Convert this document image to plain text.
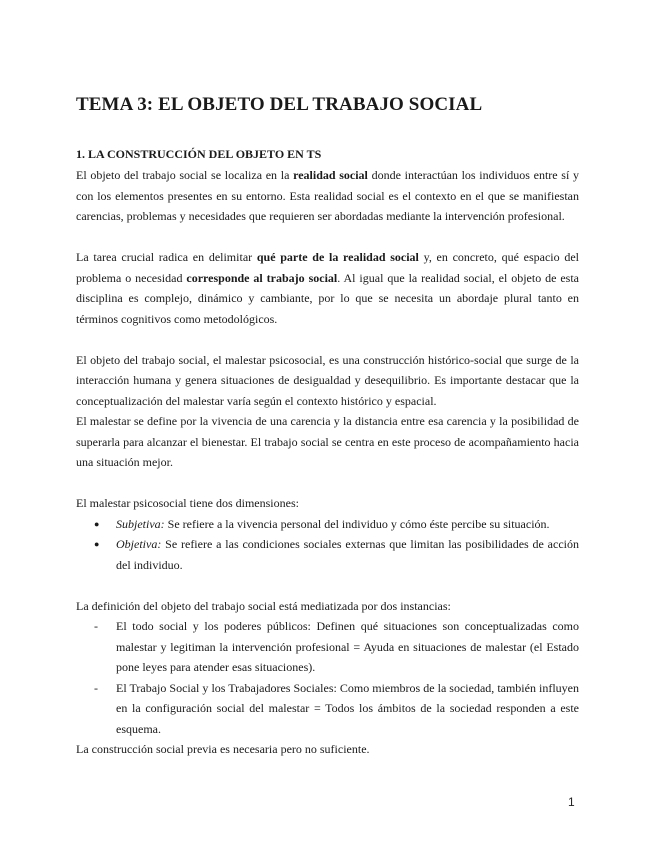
TEMA 3: EL OBJETO DEL TRABAJO SOCIAL
1. LA CONSTRUCCIÓN DEL OBJETO EN TS

El objeto del trabajo social se localiza en la realidad social donde interactúan los individuos entre sí y con los elementos presentes en su entorno. Esta realidad social es el contexto en el que se manifiestan carencias, problemas y necesidades que requieren ser abordadas mediante la intervención profesional.

La tarea crucial radica en delimitar qué parte de la realidad social y, en concreto, qué espacio del problema o necesidad corresponde al trabajo social. Al igual que la realidad social, el objeto de esta disciplina es complejo, dinámico y cambiante, por lo que se necesita un abordaje plural tanto en términos cognitivos como metodológicos.

El objeto del trabajo social, el malestar psicosocial, es una construcción histórico-social que surge de la interacción humana y genera situaciones de desigualdad y desequilibrio. Es importante destacar que la conceptualización del malestar varía según el contexto histórico y espacial.

El malestar se define por la vivencia de una carencia y la distancia entre esa carencia y la posibilidad de superarla para alcanzar el bienestar. El trabajo social se centra en este proceso de acompañamiento hacia una situación mejor.

El malestar psicosocial tiene dos dimensiones:

● Subjetiva: Se refiere a la vivencia personal del individuo y cómo éste percibe su situación.
● Objetiva: Se refiere a las condiciones sociales externas que limitan las posibilidades de acción del individuo.

La definición del objeto del trabajo social está mediatizada por dos instancias:

- El todo social y los poderes públicos: Definen qué situaciones son conceptualizadas como malestar y legitiman la intervención profesional = Ayuda en situaciones de malestar (el Estado pone leyes para atender esas situaciones).
- El Trabajo Social y los Trabajadores Sociales: Como miembros de la sociedad, también influyen en la configuración social del malestar = Todos los ámbitos de la sociedad responden a este esquema.

La construcción social previa es necesaria pero no suficiente.

1
